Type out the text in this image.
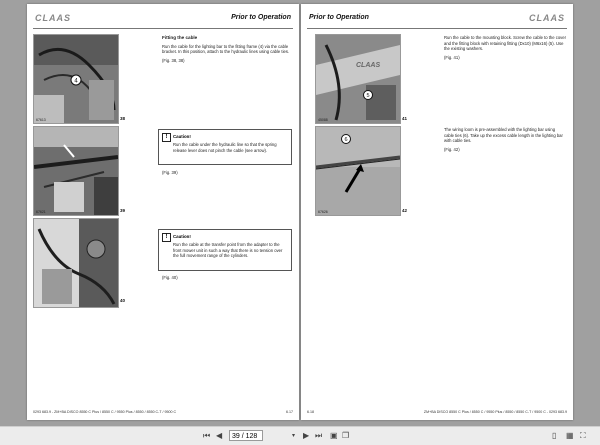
CLAAS	Prior to Operation
4
67613	38
67621	39
40
Fitting the cable
Run the cable for the lighting bar to the fitting frame (4) via the cable bracket. In this position, attach to the hydraulic lines using cable ties.
(Fig. 38, 38)
!	Caution!
Run the cable under the hydraulic line so that the spring release lever does not pinch the cable (see arrow).
(Fig. 39)
!	Caution!
Run the cable at the transfer point from the adapter to the front mower unit in such a way that there is no tension over the full movement range of the cylinders.
(Fig. 40)
0293 683.9 - ZM+BA DISCO 8550 C Plus / 8550 C / 9550 Plus / 8550 / 8550 C-T / 9500 C	6.17
Prior to Operation	CLAAS
CLAAS
5
45088	41
6
67626	42
Run the cable to the mounting block. Screw the cable to the cover and the fitting block with retaining fitting (Dx10) (M6x16) (5). Use the existing washers.
(Fig. 41)
The wiring loom is pre-assembled with the lighting bar using cable ties (6). Take up the excess cable length in the lighting bar with cable ties.
(Fig. 42)
6.18	ZM+BA DISCO 8550 C Plus / 8550 C / 9550 Plus / 8550 / 8550 C-T / 9500 C - 0293 683.9
⏮ ◀	39 / 128	▾ ▶ ⏭ ▣ ❐	▯ ▦ ⛶
